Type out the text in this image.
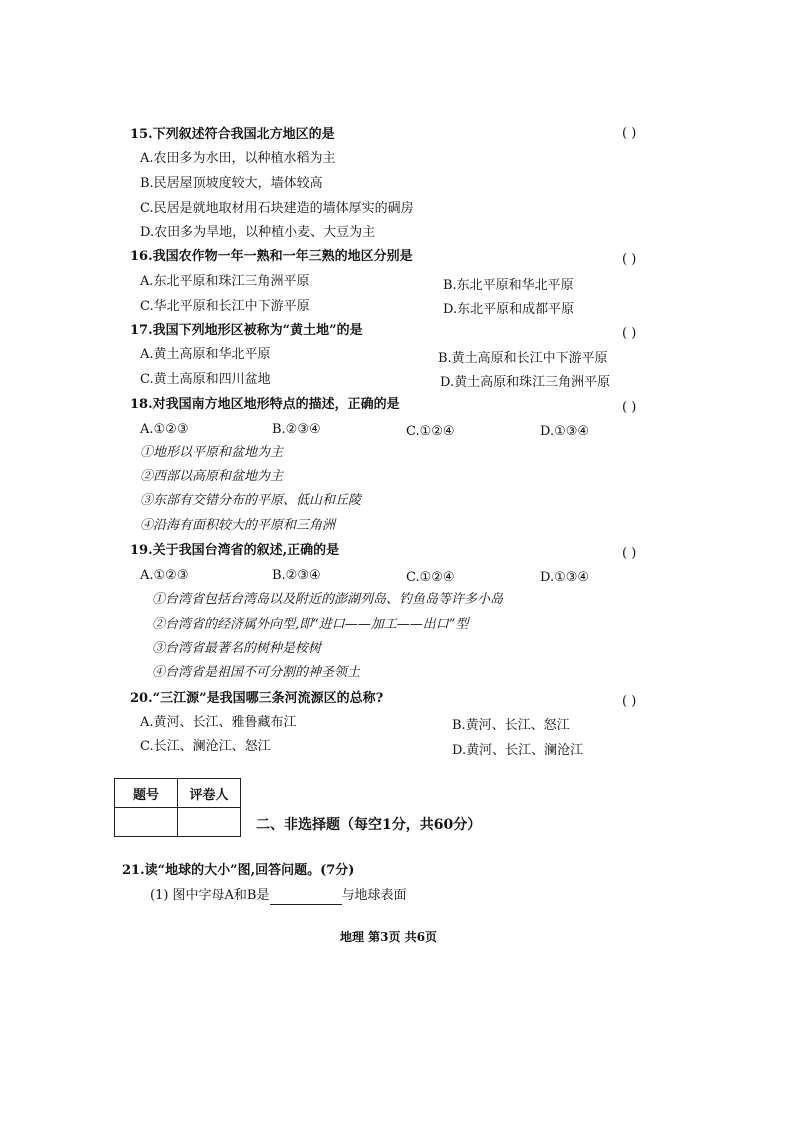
15.下列叙述符合我国北方地区的是	( )
A.农田多为水田，以种植水稻为主
B.民居屋顶坡度较大，墙体较高
C.民居是就地取材用石块建造的墙体厚实的碉房
D.农田多为旱地，以种植小麦、大豆为主
16.我国农作物一年一熟和一年三熟的地区分别是	( )
A.东北平原和珠江三角洲平原	B.东北平原和华北平原
C.华北平原和长江中下游平原	D.东北平原和成都平原
17.我国下列地形区被称为“黄土地”的是	( )
A.黄土高原和华北平原	B.黄土高原和长江中下游平原
C.黄土高原和四川盆地	D.黄土高原和珠江三角洲平原
18.对我国南方地区地形特点的描述，正确的是	( )
A.①②③	B.②③④	C.①②④	D.①③④
①地形以平原和盆地为主
②西部以高原和盆地为主
③东部有交错分布的平原、低山和丘陵
④沿海有面积较大的平原和三角洲
19.关于我国台湾省的叙述,正确的是	( )
A.①②③	B.②③④	C.①②④	D.①③④
①台湾省包括台湾岛以及附近的澎湖列岛、钓鱼岛等许多小岛
②台湾省的经济属外向型,即“进口——加工——出口”型
③台湾省最著名的树种是桉树
④台湾省是祖国不可分割的神圣领土
20.“三江源”是我国哪三条河流源区的总称?	( )
A.黄河、长江、雅鲁藏布江	B.黄河、长江、怒江
C.长江、澜沧江、怒江	D.黄河、长江、澜沧江
题号	评卷人

二、非选择题（每空1分，共60分）
21.读“地球的大小”图,回答问题。(7分)
(1) 图中字母A和B是	与地球表面
地理 第3页 共6页
